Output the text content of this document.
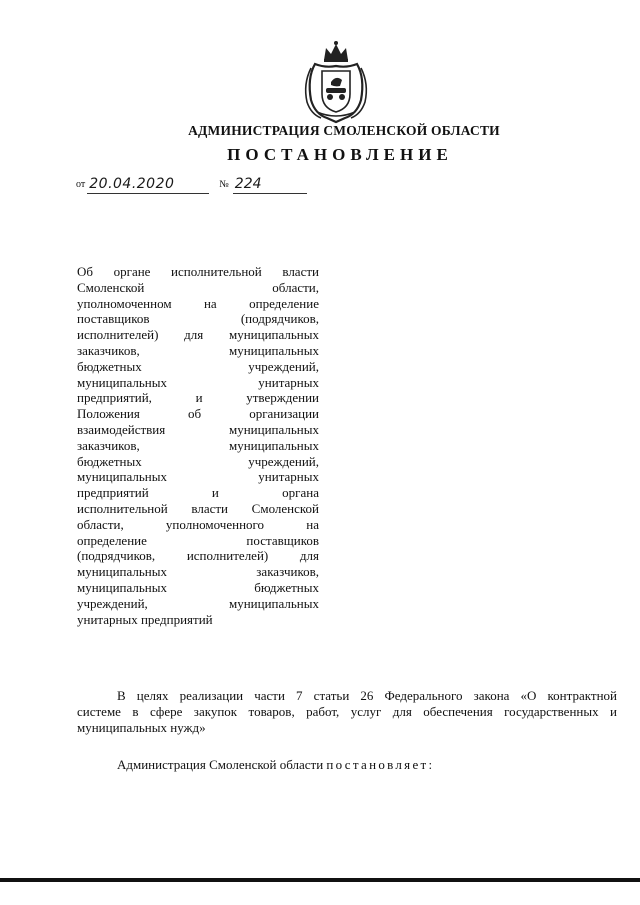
АДМИНИСТРАЦИЯ СМОЛЕНСКОЙ ОБЛАСТИ
ПОСТАНОВЛЕНИЕ
от 20.04.2020	№ 224
Об органе исполнительной власти
Смоленской области,
уполномоченном на определение
поставщиков (подрядчиков,
исполнителей) для муниципальных
заказчиков, муниципальных
бюджетных учреждений,
муниципальных унитарных
предприятий, и утверждении
Положения об организации
взаимодействия муниципальных
заказчиков, муниципальных
бюджетных учреждений,
муниципальных унитарных
предприятий и органа
исполнительной власти Смоленской
области, уполномоченного на
определение поставщиков
(подрядчиков, исполнителей) для
муниципальных заказчиков,
муниципальных бюджетных
учреждений, муниципальных
унитарных предприятий
В целях реализации части 7 статьи 26 Федерального закона «О контрактной
системе в сфере закупок товаров, работ, услуг для обеспечения государственных и
муниципальных нужд»
Администрация Смоленской области постановляет:
